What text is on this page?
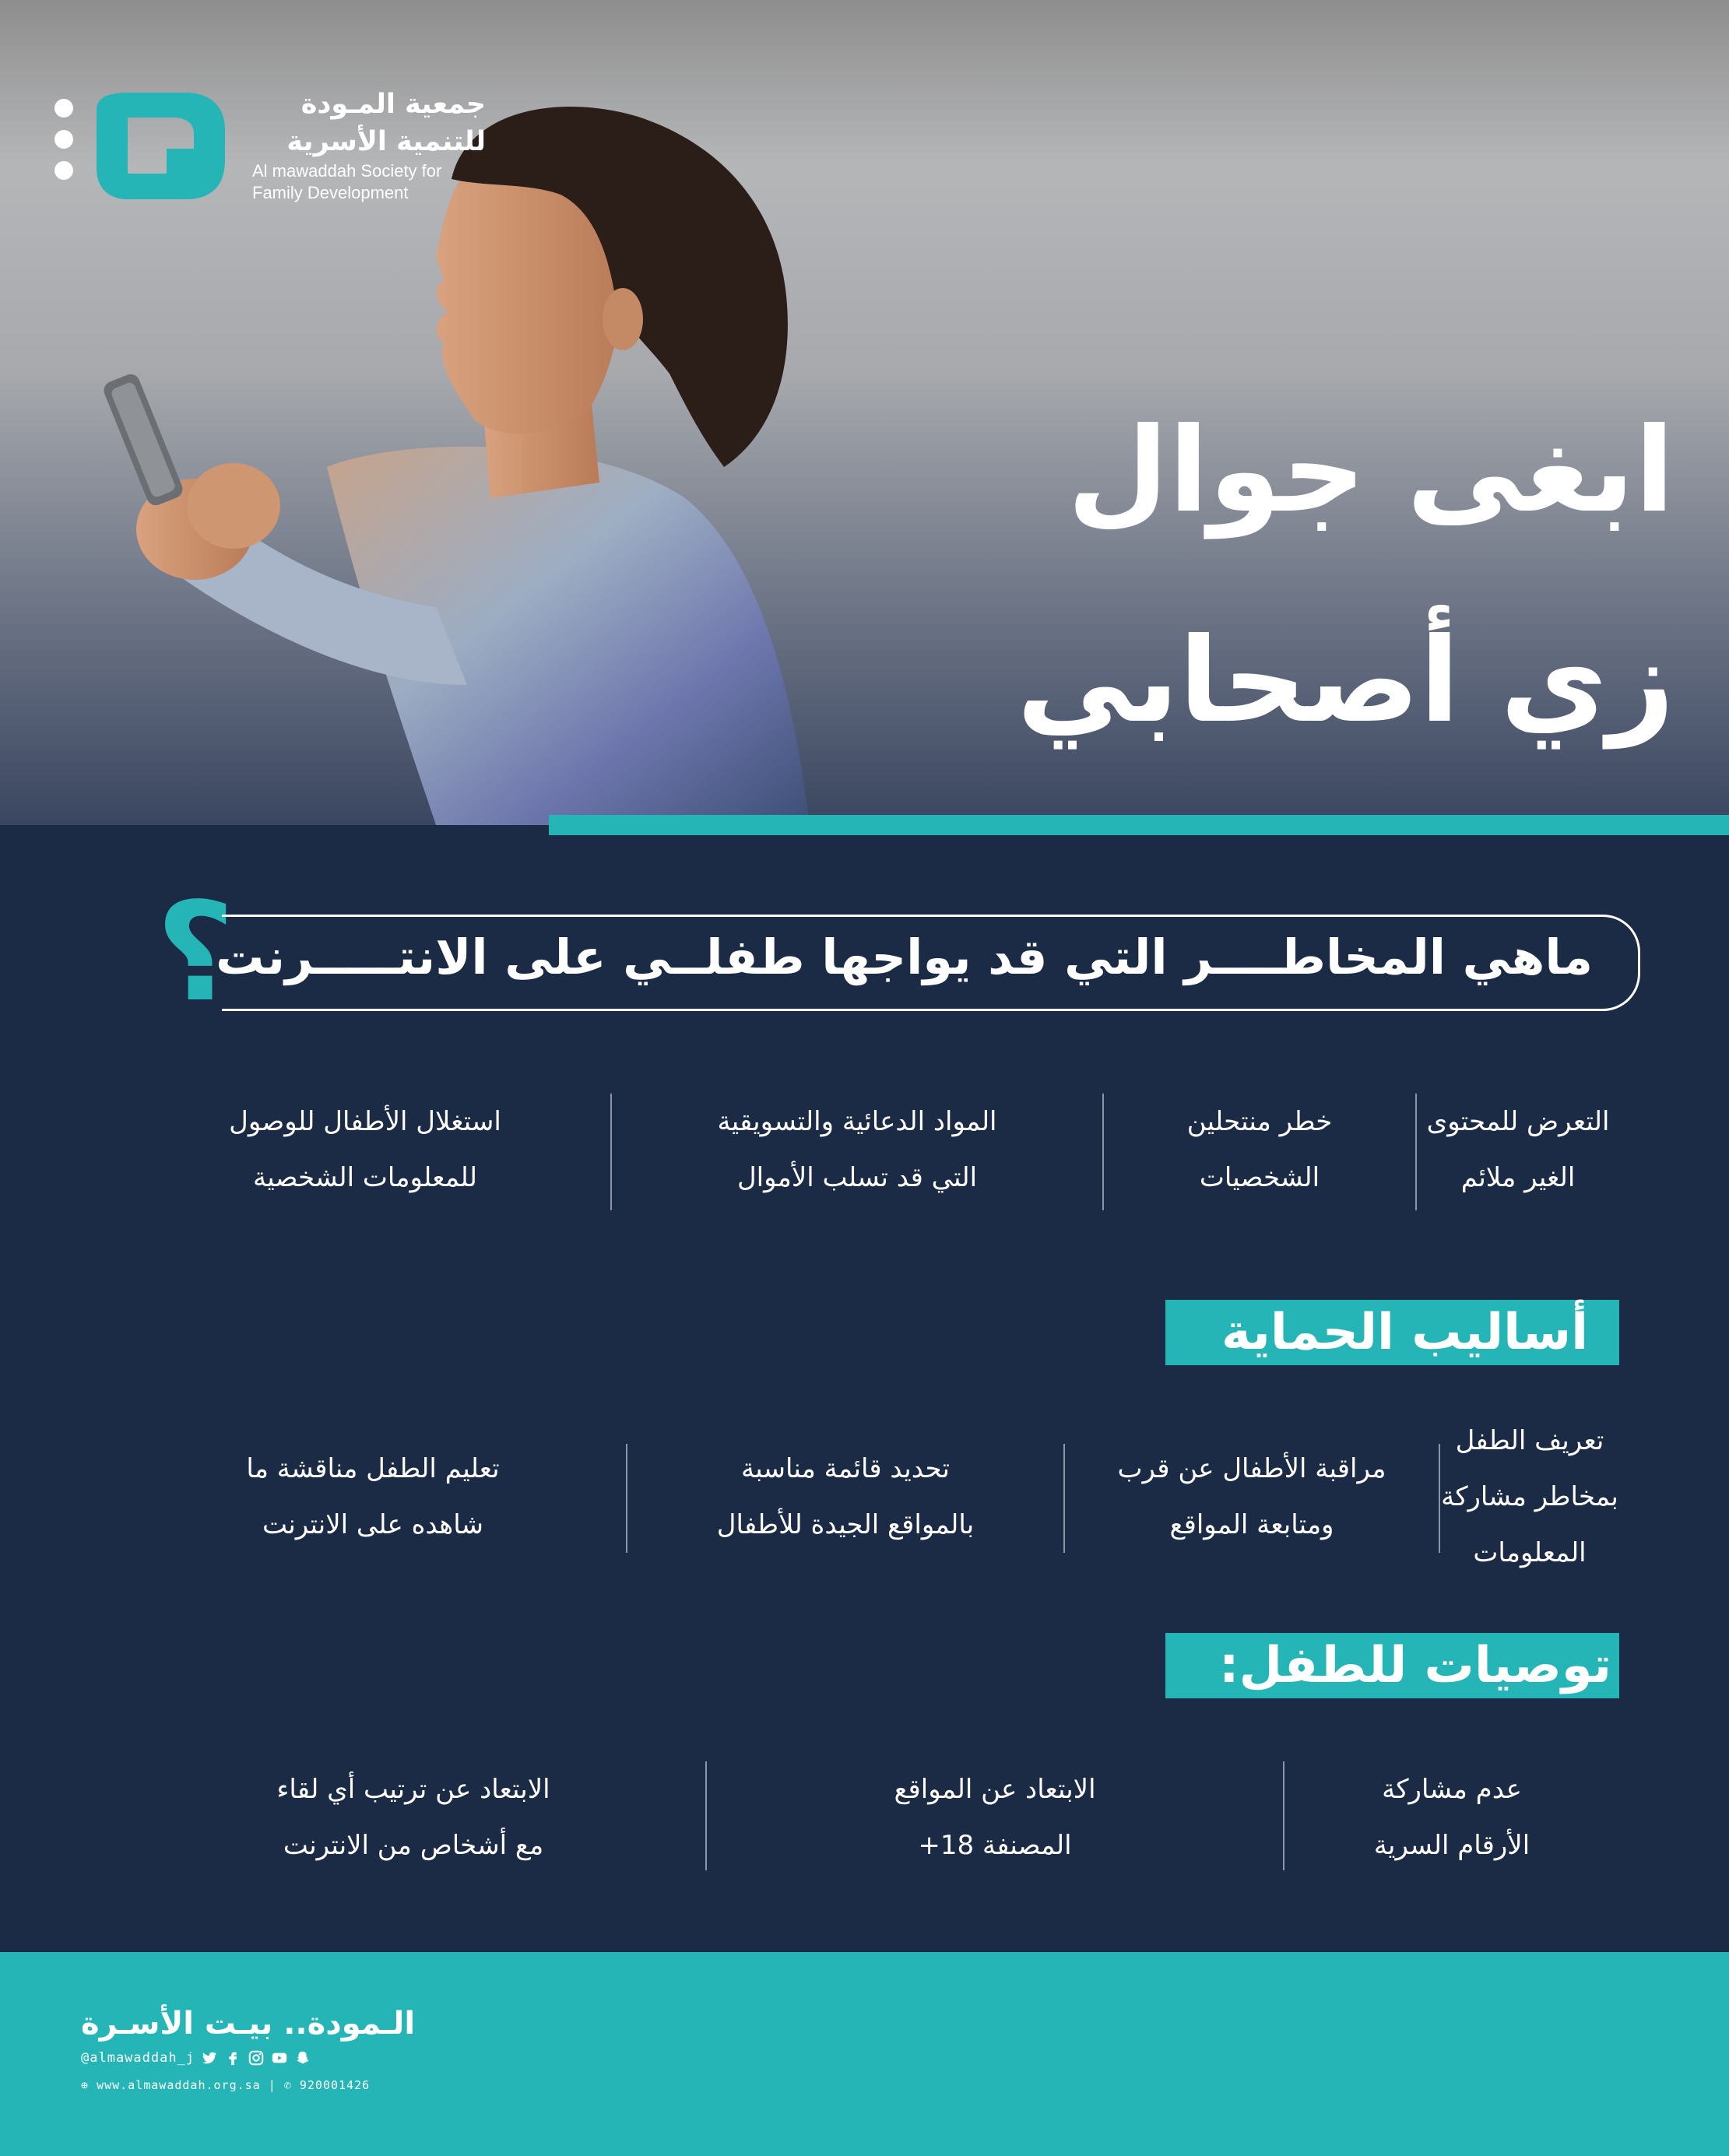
جمعية المـودة
للتنمية الأسرية
Al mawaddah Society for
Family Development
ابغى جوال
زي أصحابي
؟
ماهي المخاطــــر التي قد يواجها طفلــي على الانتـــــرنت
التعرض للمحتوى
الغير ملائم
خطر منتحلين
الشخصيات
المواد الدعائية والتسويقية
التي قد تسلب الأموال
استغلال الأطفال للوصول
للمعلومات الشخصية
أساليب الحماية
تعريف الطفل
بمخاطر مشاركة
المعلومات
مراقبة الأطفال عن قرب
ومتابعة المواقع
تحديد قائمة مناسبة
بالمواقع الجيدة للأطفال
تعليم الطفل مناقشة ما
شاهده على الانترنت
توصيات للطفل:
عدم مشاركة
الأرقام السرية
الابتعاد عن المواقع
المصنفة 18+
الابتعاد عن ترتيب أي لقاء
مع أشخاص من الانترنت
الـمودة.. بيـت الأسـرة
@almawaddah_j
⊕ www.almawaddah.org.sa | ✆ 920001426
